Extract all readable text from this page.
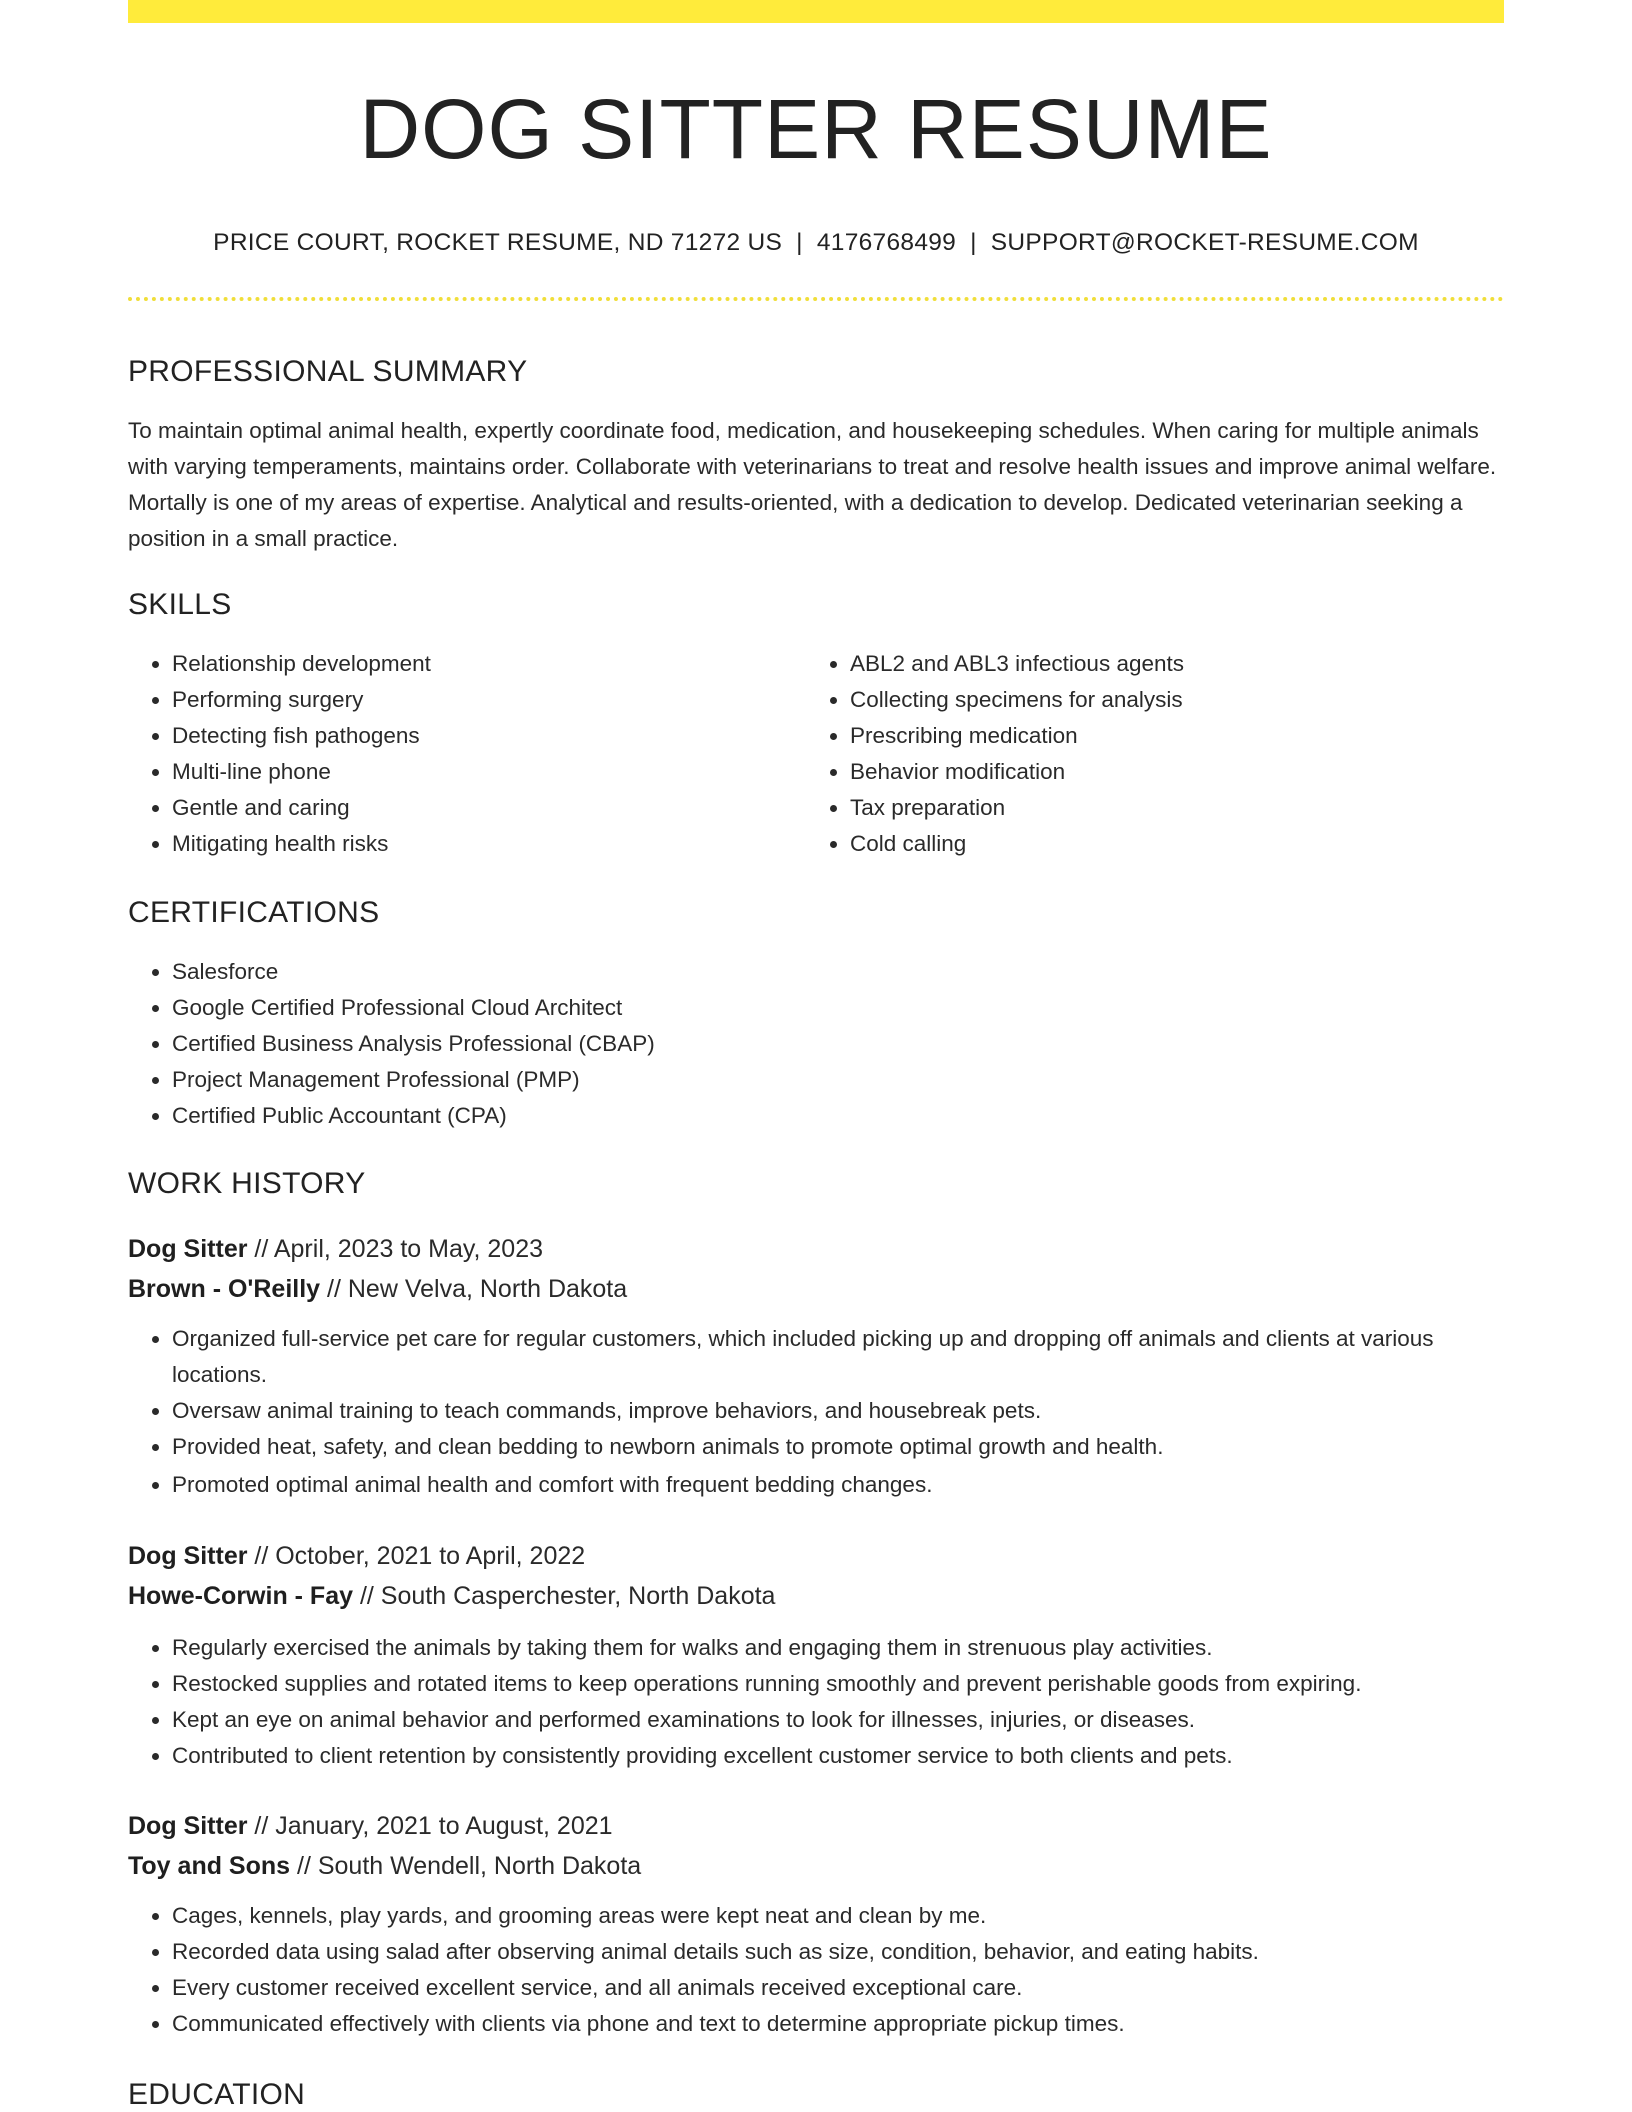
DOG SITTER RESUME
PRICE COURT, ROCKET RESUME, ND 71272 US | 4176768499 | SUPPORT@ROCKET-RESUME.COM
PROFESSIONAL SUMMARY

To maintain optimal animal health, expertly coordinate food, medication, and housekeeping schedules. When caring for multiple animals with varying temperaments, maintains order. Collaborate with veterinarians to treat and resolve health issues and improve animal welfare. Mortally is one of my areas of expertise. Analytical and results-oriented, with a dedication to develop. Dedicated veterinarian seeking a position in a small practice.

SKILLS
• Relationship development
• Performing surgery
• Detecting fish pathogens
• Multi-line phone
• Gentle and caring
• Mitigating health risks
• ABL2 and ABL3 infectious agents
• Collecting specimens for analysis
• Prescribing medication
• Behavior modification
• Tax preparation
• Cold calling
CERTIFICATIONS
• Salesforce
• Google Certified Professional Cloud Architect
• Certified Business Analysis Professional (CBAP)
• Project Management Professional (PMP)
• Certified Public Accountant (CPA)
WORK HISTORY
Dog Sitter // April, 2023 to May, 2023
Brown - O'Reilly // New Velva, North Dakota
• Organized full-service pet care for regular customers, which included picking up and dropping off animals and clients at various locations.
• Oversaw animal training to teach commands, improve behaviors, and housebreak pets.
• Provided heat, safety, and clean bedding to newborn animals to promote optimal growth and health.
• Promoted optimal animal health and comfort with frequent bedding changes.
Dog Sitter // October, 2021 to April, 2022
Howe-Corwin - Fay // South Casperchester, North Dakota
• Regularly exercised the animals by taking them for walks and engaging them in strenuous play activities.
• Restocked supplies and rotated items to keep operations running smoothly and prevent perishable goods from expiring.
• Kept an eye on animal behavior and performed examinations to look for illnesses, injuries, or diseases.
• Contributed to client retention by consistently providing excellent customer service to both clients and pets.
Dog Sitter // January, 2021 to August, 2021
Toy and Sons // South Wendell, North Dakota
• Cages, kennels, play yards, and grooming areas were kept neat and clean by me.
• Recorded data using salad after observing animal details such as size, condition, behavior, and eating habits.
• Every customer received excellent service, and all animals received exceptional care.
• Communicated effectively with clients via phone and text to determine appropriate pickup times.
EDUCATION
